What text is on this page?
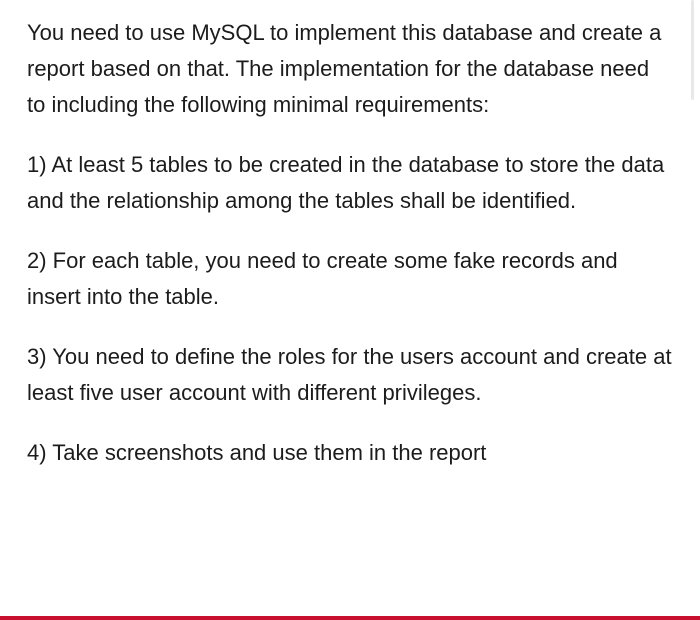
You need to use MySQL to implement this database and create a report based on that. The implementation for the database need to including the following minimal requirements:

1) At least 5 tables to be created in the database to store the data and the relationship among the tables shall be identified.

2) For each table, you need to create some fake records and insert into the table.

3) You need to define the roles for the users account and create at least five user account with different privileges.

4) Take screenshots and use them in the report
